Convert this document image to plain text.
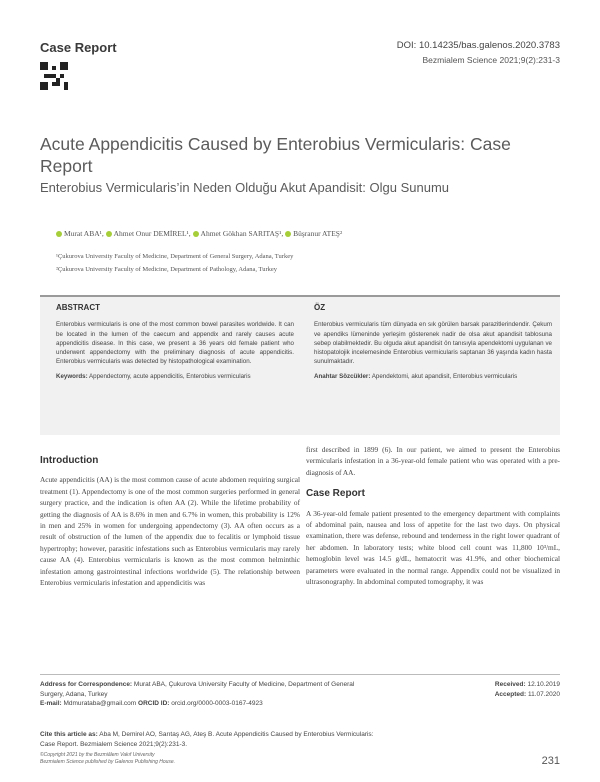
Case Report	DOI: 10.14235/bas.galenos.2020.3783
Bezmialem Science 2021;9(2):231-3
Acute Appendicitis Caused by Enterobius Vermicularis: Case Report
Enterobius Vermicularis’in Neden Olduğu Akut Apandisit: Olgu Sunumu
Murat ABA¹, Ahmet Onur DEMİREL¹, Ahmet Gökhan SARITAŞ¹, Büşranur ATEŞ²
¹Çukurova University Faculty of Medicine, Department of General Surgery, Adana, Turkey
²Çukurova University Faculty of Medicine, Department of Pathology, Adana, Turkey
ABSTRACT

Enterobius vermicularis is one of the most common bowel parasites worldwide. It can be located in the lumen of the caecum and appendix and rarely causes acute appendicitis disease. In this case, we present a 36 years old female patient who underwent appendectomy with the preliminary diagnosis of acute appendicitis. Enterobius vermicularis was detected by histopathological examination.

Keywords: Appendectomy, acute appendicitis, Enterobius vermicularis

ÖZ

Enterobius vermicularis tüm dünyada en sık görülen barsak parazitlerindendir. Çekum ve apendiks lümeninde yerleşim gösterenek nadir de olsa akut apandisit tablosuna sebep olabilmektedir. Bu olguda akut apandisit ön tanısıyla apendektomi uygulanan ve histopatolojik incelemesinde Enterobius vermicularis saptanan 36 yaşında kadın hasta sunulmaktadır.

Anahtar Sözcükler: Apendektomi, akut apandisit, Enterobius vermicularis

Introduction

Acute appendicitis (AA) is the most common cause of acute abdomen requiring surgical treatment (1). Appendectomy is one of the most common surgeries performed in general surgery practice, and the indication is often AA (2). While the lifetime probability of getting the diagnosis of AA is 8.6% in men and 6.7% in women, this probability is 12% in men and 25% in women for undergoing appendectomy (3). AA often occurs as a result of obstruction of the lumen of the appendix due to fecalitis or lymphoid tissue hypertrophy; however, parasitic infestations such as Enterobius vermicularis may rarely cause AA (4). Enterobius vermicularis is known as the most common helminthic infestation among gastrointestinal infections worldwide (5). The relationship between Enterobius vermicularis infestation and appendicitis was

first described in 1899 (6). In our patient, we aimed to present the Enterobius vermicularis infestation in a 36-year-old female patient who was operated with a pre-diagnosis of AA.

Case Report

A 36-year-old female patient presented to the emergency department with complaints of abdominal pain, nausea and loss of appetite for the last two days. On physical examination, there was defense, rebound and tenderness in the right lower quadrant of her abdomen. In laboratory tests; white blood cell count was 11,800 10³/mL, hemoglobin level was 14.5 g/dL, hematocrit was 41.9%, and other biochemical parameters were evaluated in the normal range. Appendix could not be visualized in ultrasonography. In abdominal computed tomography, it was

Address for Correspondence: Murat ABA, Çukurova University Faculty of Medicine, Department of General Surgery, Adana, Turkey
E-mail: Mdmurataba@gmail.com ORCID ID: orcid.org/0000-0003-0167-4923
Received: 12.10.2019
Accepted: 11.07.2020
Cite this article as: Aba M, Demirel AO, Sarıtaş AG, Ateş B. Acute Appendicitis Caused by Enterobius Vermicularis: Case Report. Bezmialem Science 2021;9(2):231-3.
©Copyright 2021 by the Bezmiâlem Vakıf University
Bezmialem Science published by Galenos Publishing House.	231
